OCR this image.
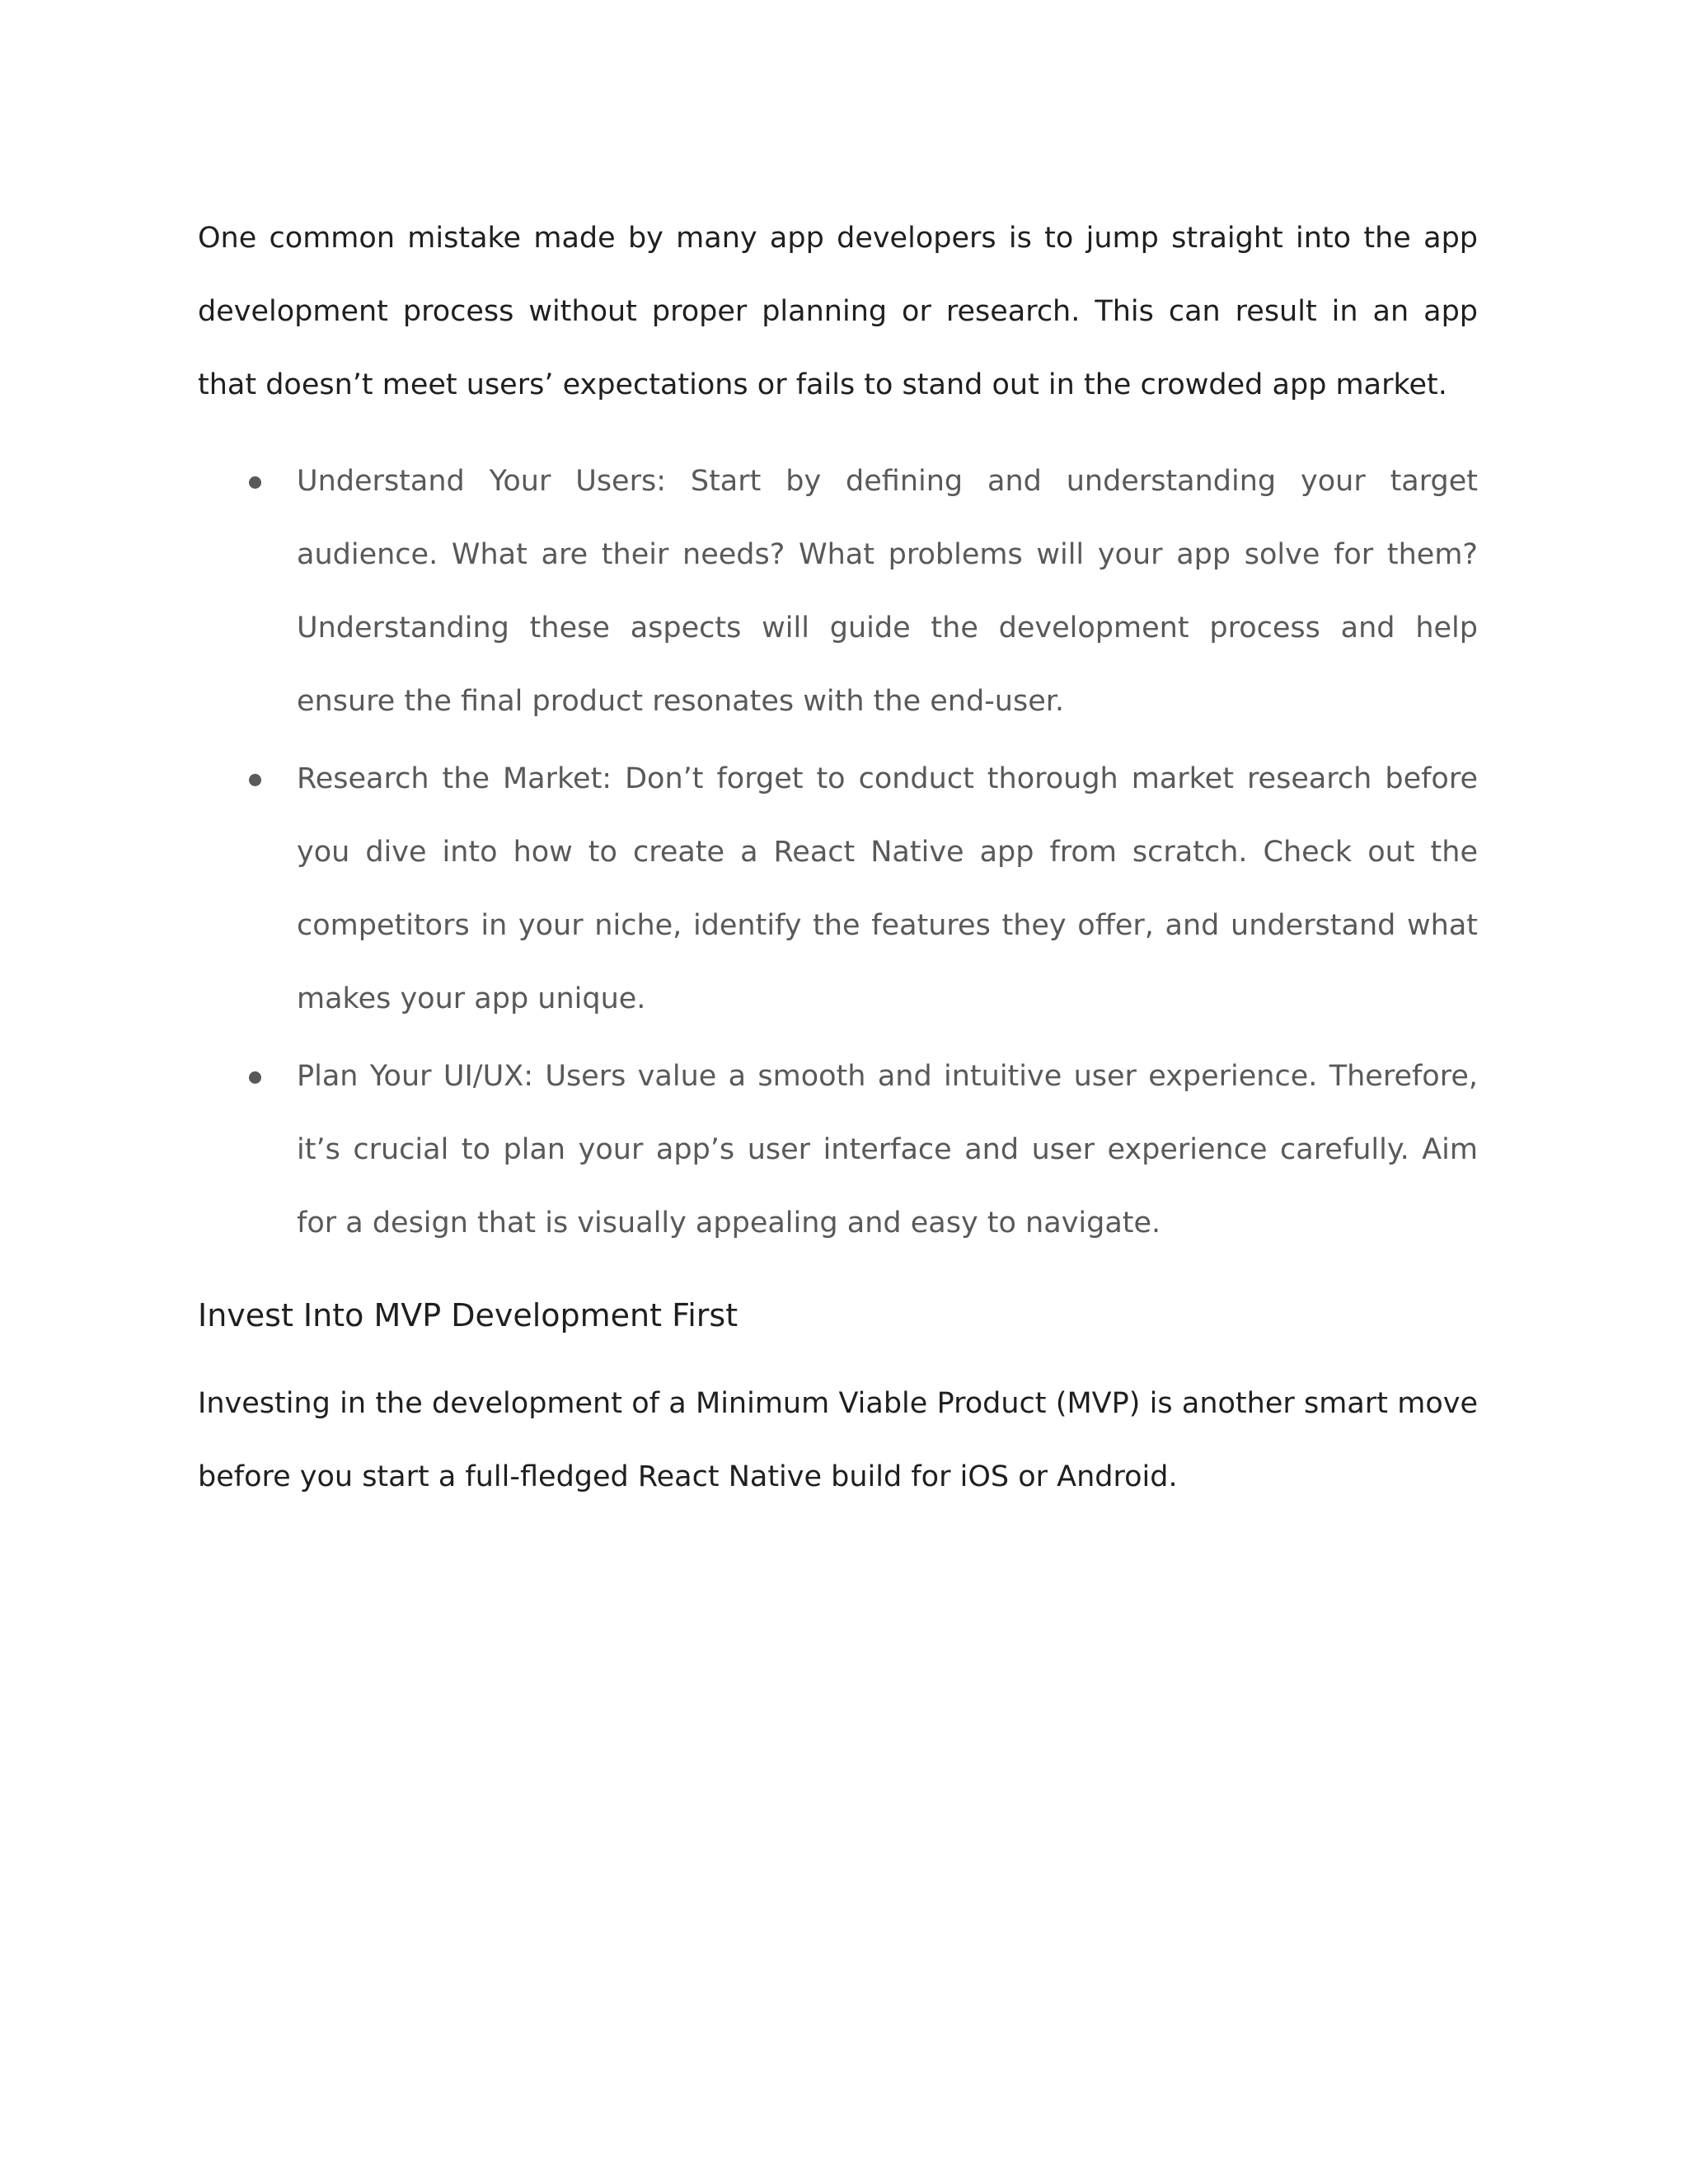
One common mistake made by many app developers is to jump straight into the app development process without proper planning or research. This can result in an app that doesn’t meet users’ expectations or fails to stand out in the crowded app market.

Understand Your Users: Start by defining and understanding your target audience. What are their needs? What problems will your app solve for them? Understanding these aspects will guide the development process and help ensure the final product resonates with the end-user.
Research the Market: Don’t forget to conduct thorough market research before you dive into how to create a React Native app from scratch. Check out the competitors in your niche, identify the features they offer, and understand what makes your app unique.
Plan Your UI/UX: Users value a smooth and intuitive user experience. Therefore, it’s crucial to plan your app’s user interface and user experience carefully. Aim for a design that is visually appealing and easy to navigate.
Invest Into MVP Development First

Investing in the development of a Minimum Viable Product (MVP) is another smart move before you start a full-fledged React Native build for iOS or Android.
